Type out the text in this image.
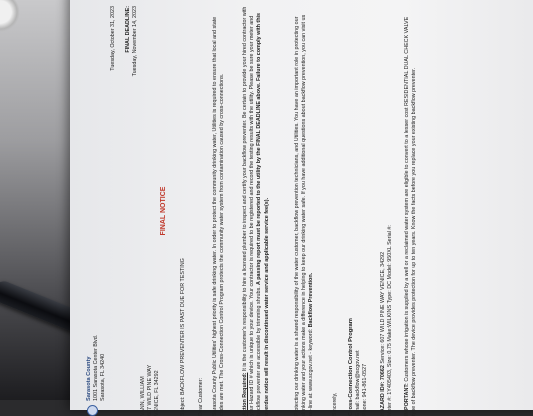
Sarasota County 1001 Sarasota Center Blvd. Sarasota, FL 34240

Tuesday, October 31, 2023 FINAL DEADLINE: Tuesday, November 14, 2023

VANN, WILLIAM 607 WILD PINE WAY VENICE, FL 34292

FINAL NOTICE

Subject: BACKFLOW PREVENTER IS PAST DUE FOR TESTING Dear Customer: Sarasota County Public Utilities' highest priority is safe drinking water. In order to protect the community drinking water, Utilities is required to ensure that local and state codes are met. The Cross-Connection Control Program protects the community water system from contamination caused by cross-connections.	Action Required: It is the customer's responsibility to hire a licensed plumber to inspect and certify your backflow preventer. Be certain to provide your hired contractor with your Hazard ID # which is unique to your device. Your contractor is required to be registered and record the testing results with the utility. Please be sure your meter and backflow preventer are accessible by trimming shrubs. A passing report must be reported to the utility by the FINAL DEADLINE above. Failure to comply with this overdue notice will result in discontinued water service and applicable service fee(s).	Protecting our drinking water is a shared responsibility of the water customer, backflow prevention technicians, and Utilities. You have an important role in protecting our drinking water and your actions make a difference in helping to keep our drinking water safe. If you have additional questions about backflow prevention, you can visit us on-line at: www.scgov.net - keyword: Backflow Prevention.

Sincerely, Cross-Connection Control Program Email: backflow@scgov.net Phone: 941-861-0527 HAZARD ID#: 70662 Service: 607 WILD PINE WAY VENICE, 34292 Meter #: 1Y405403, Size: 0.75 Make:WILKINS Type: DC Model: 950XL Serial #: IMPORTANT: Customers whose irrigation is supplied by a well or a reclaimed water system are eligible to convert to a lesser cost RESIDENTIAL DUAL CHECK VALVE type of backflow preventer. The device provides protection for up to ten years. Know the facts before you replace your existing backflow preventer.
